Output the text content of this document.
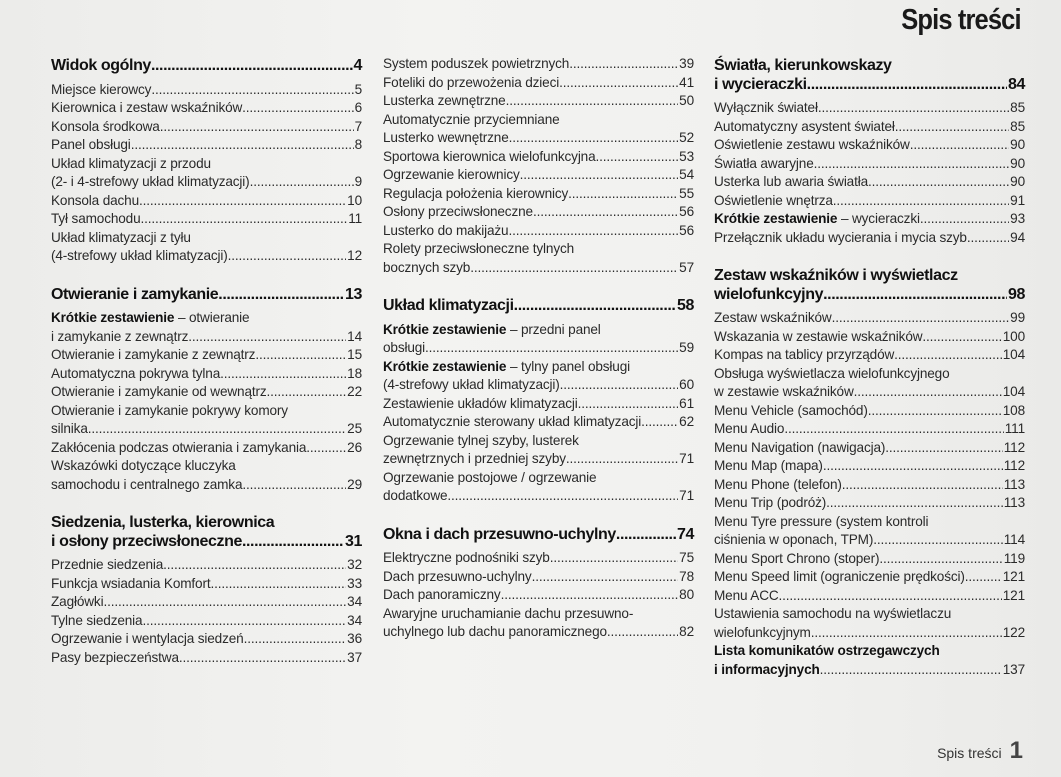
Spis treści
Widok ogólny .....	4
Miejsce kierowcy .....	5
Kierownica i zestaw wskaźników .....	6
Konsola środkowa .....	7
Panel obsługi .....	8
Układ klimatyzacji z przodu
(2- i 4-strefowy układ klimatyzacji) .....	9
Konsola dachu .....	10
Tył samochodu .....	11
Układ klimatyzacji z tyłu
(4-strefowy układ klimatyzacji) .....	12
Otwieranie i zamykanie .....	13
Krótkie zestawienie – otwieranie
i zamykanie z zewnątrz .....	14
Otwieranie i zamykanie z zewnątrz .....	15
Automatyczna pokrywa tylna .....	18
Otwieranie i zamykanie od wewnątrz .....	22
Otwieranie i zamykanie pokrywy komory
silnika .....	25
Zakłócenia podczas otwierania i zamykania .....	26
Wskazówki dotyczące kluczyka
samochodu i centralnego zamka .....	29
Siedzenia, lusterka, kierownica
i osłony przeciwsłoneczne .....	31
Przednie siedzenia .....	32
Funkcja wsiadania Komfort .....	33
Zagłówki .....	34
Tylne siedzenia .....	34
Ogrzewanie i wentylacja siedzeń .....	36
Pasy bezpieczeństwa .....	37
System poduszek powietrznych .....	39
Foteliki do przewożenia dzieci .....	41
Lusterka zewnętrzne .....	50
Automatycznie przyciemniane
Lusterko wewnętrzne .....	52
Sportowa kierownica wielofunkcyjna .....	53
Ogrzewanie kierownicy .....	54
Regulacja położenia kierownicy .....	55
Osłony przeciwsłoneczne .....	56
Lusterko do makijażu .....	56
Rolety przeciwsłoneczne tylnych
bocznych szyb .....	57
Układ klimatyzacji .....	58
Krótkie zestawienie – przedni panel
obsługi .....	59
Krótkie zestawienie – tylny panel obsługi
(4-strefowy układ klimatyzacji) .....	60
Zestawienie układów klimatyzacji .....	61
Automatycznie sterowany układ klimatyzacji .....	62
Ogrzewanie tylnej szyby, lusterek
zewnętrznych i przedniej szyby .....	71
Ogrzewanie postojowe / ogrzewanie
dodatkowe .....	71
Okna i dach przesuwno-uchylny .....	74
Elektryczne podnośniki szyb .....	75
Dach przesuwno-uchylny .....	78
Dach panoramiczny .....	80
Awaryjne uruchamianie dachu przesuwno-
uchylnego lub dachu panoramicznego .....	82
Światła, kierunkowskazy
i wycieraczki .....	84
Wyłącznik świateł .....	85
Automatyczny asystent świateł .....	85
Oświetlenie zestawu wskaźników .....	90
Światła awaryjne .....	90
Usterka lub awaria światła .....	90
Oświetlenie wnętrza .....	91
Krótkie zestawienie – wycieraczki .....	93
Przełącznik układu wycierania i mycia szyb .....	94
Zestaw wskaźników i wyświetlacz
wielofunkcyjny .....	98
Zestaw wskaźników .....	99
Wskazania w zestawie wskaźników .....	100
Kompas na tablicy przyrządów .....	104
Obsługa wyświetlacza wielofunkcyjnego
w zestawie wskaźników .....	104
Menu Vehicle (samochód) .....	108
Menu Audio .....	111
Menu Navigation (nawigacja) .....	112
Menu Map (mapa) .....	112
Menu Phone (telefon) .....	113
Menu Trip (podróż) .....	113
Menu Tyre pressure (system kontroli
ciśnienia w oponach, TPM) .....	114
Menu Sport Chrono (stoper) .....	119
Menu Speed limit (ograniczenie prędkości) .....	121
Menu ACC .....	121
Ustawienia samochodu na wyświetlaczu
wielofunkcyjnym .....	122
Lista komunikatów ostrzegawczych
i informacyjnych .....	137
Spis treści 1
